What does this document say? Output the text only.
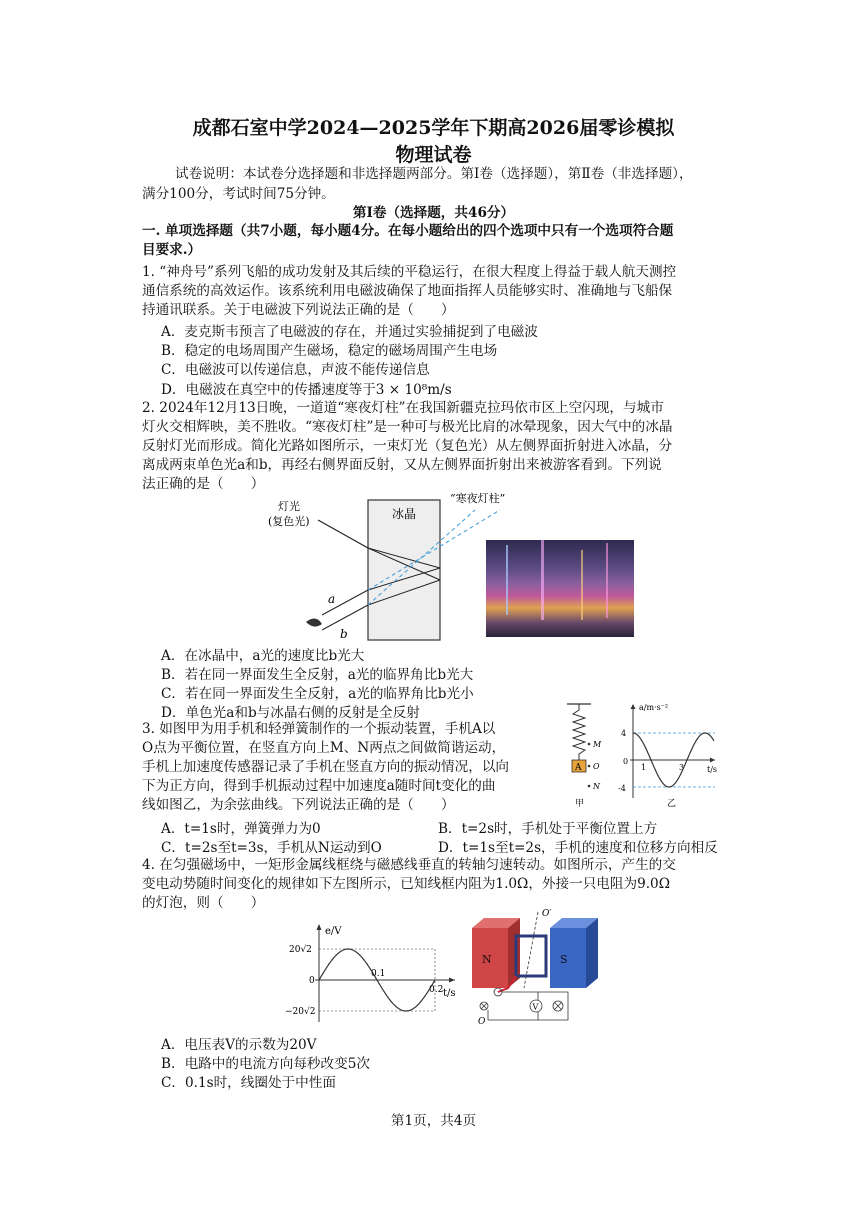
成都石室中学2024—2025学年下期高2026届零诊模拟
物理试卷
试卷说明：本试卷分选择题和非选择题两部分。第Ⅰ卷（选择题），第Ⅱ卷（非选择题），
满分100分，考试时间75分钟。
第Ⅰ卷（选择题，共46分）
一. 单项选择题（共7小题，每小题4分。在每小题给出的四个选项中只有一个选项符合题
目要求.）
1. “神舟号”系列飞船的成功发射及其后续的平稳运行，在很大程度上得益于载人航天测控
通信系统的高效运作。该系统利用电磁波确保了地面指挥人员能够实时、准确地与飞船保
持通讯联系。关于电磁波下列说法正确的是（　　）
A．麦克斯韦预言了电磁波的存在，并通过实验捕捉到了电磁波
B．稳定的电场周围产生磁场，稳定的磁场周围产生电场
C．电磁波可以传递信息，声波不能传递信息
D．电磁波在真空中的传播速度等于3 × 10⁸m/s
2. 2024年12月13日晚，一道道“寒夜灯柱”在我国新疆克拉玛依市区上空闪现，与城市
灯火交相辉映，美不胜收。“寒夜灯柱”是一种可与极光比肩的冰晕现象，因大气中的冰晶
反射灯光而形成。简化光路如图所示，一束灯光（复色光）从左侧界面折射进入冰晶，分
离成两束单色光a和b，再经右侧界面反射，又从左侧界面折射出来被游客看到。下列说
法正确的是（　　）
冰晶
灯光
(复色光)
“寒夜灯柱”
a
b
A．在冰晶中，a光的速度比b光大
B．若在同一界面发生全反射，a光的临界角比b光大
C．若在同一界面发生全反射，a光的临界角比b光小
D．单色光a和b与冰晶右侧的反射是全反射
3. 如图甲为用手机和轻弹簧制作的一个振动装置，手机A以
O点为平衡位置，在竖直方向上M、N两点之间做简谐运动，
手机上加速度传感器记录了手机在竖直方向的振动情况，以向
下为正方向，得到手机振动过程中加速度a随时间t变化的曲
线如图乙，为余弦曲线。下列说法正确的是（　　）
A
M
O
N
甲
a/m·s⁻²
t/s
4
0
-4
1	3
乙
A．t=1s时，弹簧弹力为0	B．t=2s时，手机处于平衡位置上方
C．t=2s至t=3s，手机从N运动到O	D．t=1s至t=2s，手机的速度和位移方向相反
4. 在匀强磁场中，一矩形金属线框绕与磁感线垂直的转轴匀速转动。如图所示，产生的交
变电动势随时间变化的规律如下左图所示，已知线框内阻为1.0Ω，外接一只电阻为9.0Ω
的灯泡，则（　　）
e/V
t/s
20√2
0
−20√2
0.1
0.2
N	S
O′
O
V
A．电压表V的示数为20V
B．电路中的电流方向每秒改变5次
C．0.1s时，线圈处于中性面
第1页，共4页
